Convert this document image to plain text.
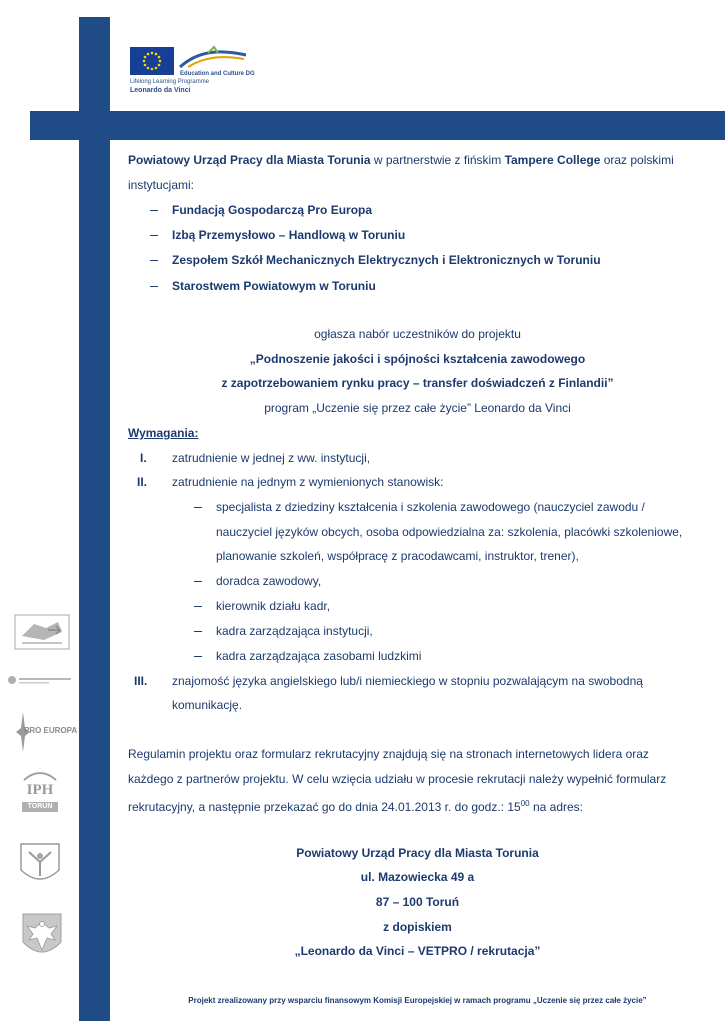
Education and Culture DG
Lifelong Learning Programme
Leonardo da Vinci
Powiatowy Urząd Pracy dla Miasta Torunia w partnerstwie z fińskim Tampere College oraz polskimi
instytucjami:
Fundacją Gospodarczą Pro Europa
Izbą Przemysłowo – Handlową w Toruniu
Zespołem Szkół Mechanicznych Elektrycznych i Elektronicznych w Toruniu
Starostwem Powiatowym w Toruniu
ogłasza nabór uczestników do projektu
„Podnoszenie jakości i spójności kształcenia zawodowego
z zapotrzebowaniem rynku pracy – transfer doświadczeń z Finlandii”
program „Uczenie się przez całe życie” Leonardo da Vinci
Wymagania:
I. zatrudnienie w jednej z ww. instytucji,
II. zatrudnienie na jednym z wymienionych stanowisk:
specjalista z dziedziny kształcenia i szkolenia zawodowego (nauczyciel zawodu /
nauczyciel języków obcych, osoba odpowiedzialna za: szkolenia, placówki szkoleniowe,
planowanie szkoleń, współpracę z pracodawcami, instruktor, trener),
doradca zawodowy,
kierownik działu kadr,
kadra zarządzająca instytucji,
kadra zarządzająca zasobami ludzkimi
III. znajomość języka angielskiego lub/i niemieckiego w stopniu pozwalającym na swobodną
komunikację.
Regulamin projektu oraz formularz rekrutacyjny znajdują się na stronach internetowych lidera oraz
każdego z partnerów projektu. W celu wzięcia udziału w procesie rekrutacji należy wypełnić formularz
rekrutacyjny, a następnie przekazać go do dnia 24.01.2013 r. do godz.: $15^{00}$ na adres:
Powiatowy Urząd Pracy dla Miasta Torunia
ul. Mazowiecka 49 a
87 – 100 Toruń
z dopiskiem
„Leonardo da Vinci – VETPRO / rekrutacja”
Projekt zrealizowany przy wsparciu finansowym Komisji Europejskiej w ramach programu „Uczenie się przez całe życie”
PRO EUROPA
IPH
TORUŃ
